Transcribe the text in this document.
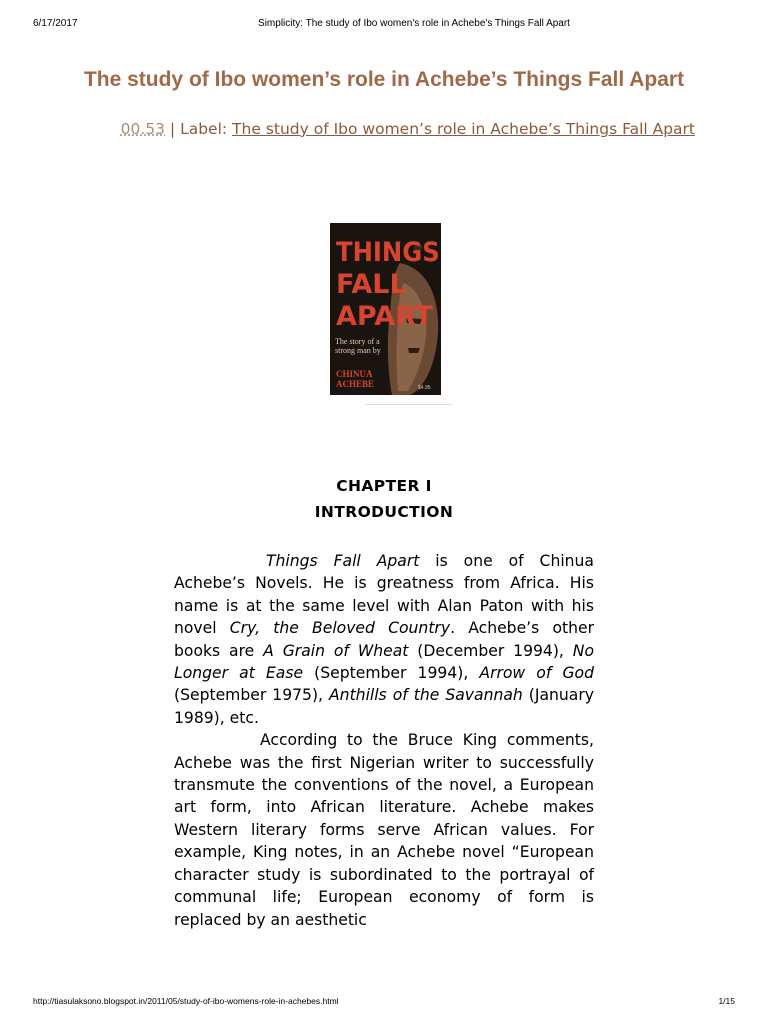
6/17/2017	Simplicity: The study of Ibo women's role in Achebe's Things Fall Apart
The study of Ibo women’s role in Achebe’s Things Fall Apart
00.53 | Label: The study of Ibo women’s role in Achebe’s Things Fall Apart
THINGS
FALL
APART
The story of a strong man by
CHINUA
ACHEBE	$4.95
CHAPTER I
INTRODUCTION

Things Fall Apart is one of Chinua Achebe’s Novels. He is greatness from Africa. His name is at the same level with Alan Paton with his novel Cry, the Beloved Country. Achebe’s other books are A Grain of Wheat (December 1994), No Longer at Ease (September 1994), Arrow of God (September 1975), Anthills of the Savannah (January 1989), etc.

According to the Bruce King comments, Achebe was the first Nigerian writer to successfully transmute the conventions of the novel, a European art form, into African literature. Achebe makes Western literary forms serve African values. For example, King notes, in an Achebe novel “European character study is subordinated to the portrayal of communal life; European economy of form is replaced by an aesthetic

http://tiasulaksono.blogspot.in/2011/05/study-of-ibo-womens-role-in-achebes.html	1/15
